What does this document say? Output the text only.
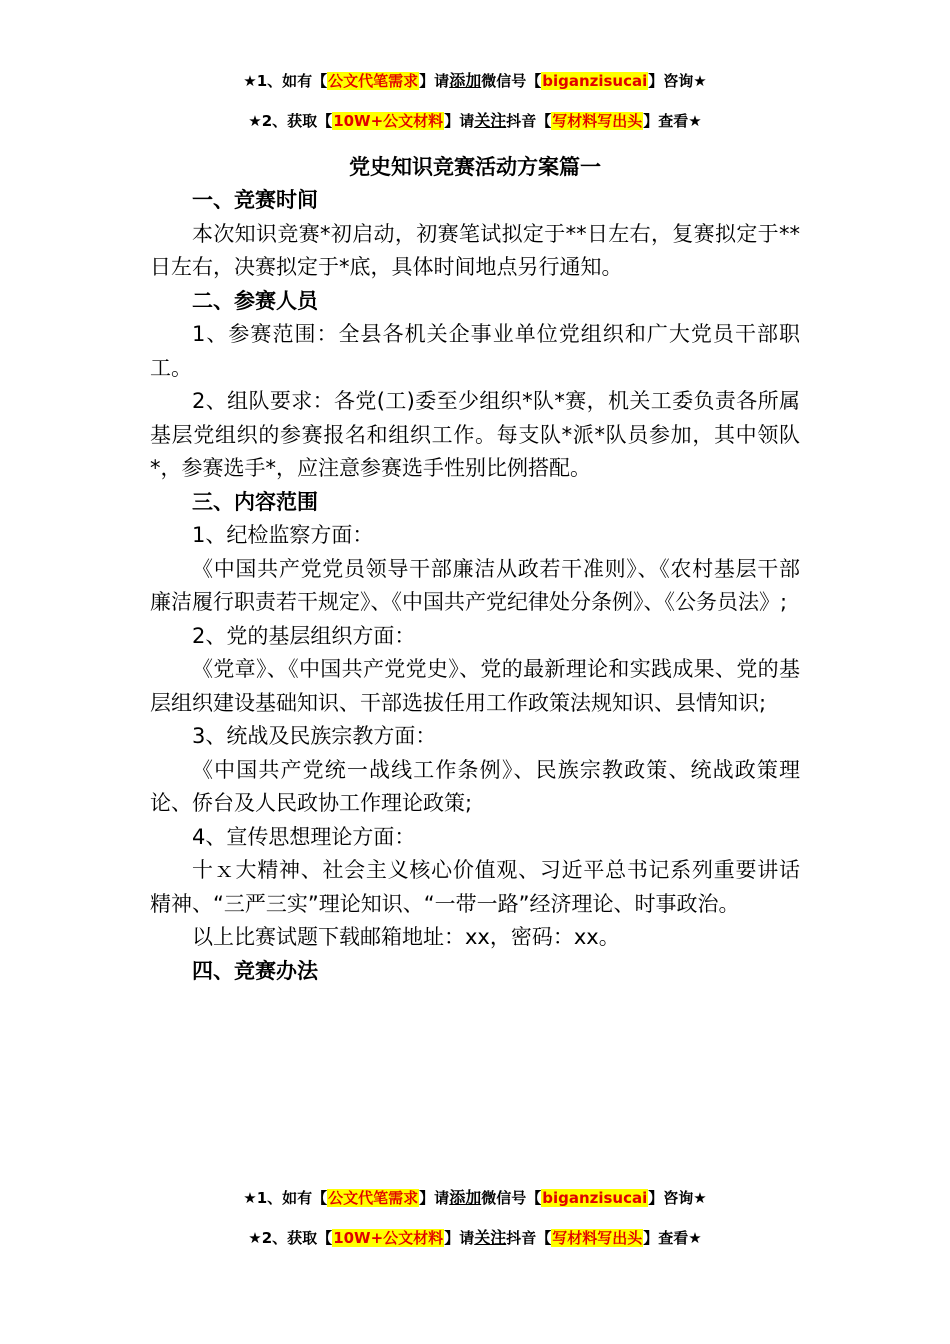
★1、如有【公文代笔需求】请添加微信号【biganzisucai】咨询★
★2、获取【10W+公文材料】请关注抖音【写材料写出头】查看★
党史知识竞赛活动方案篇一
一、竞赛时间
本次知识竞赛*初启动，初赛笔试拟定于**日左右，复赛拟定于**日左右，决赛拟定于*底，具体时间地点另行通知。
二、参赛人员
1、参赛范围：全县各机关企事业单位党组织和广大党员干部职工。
2、组队要求：各党(工)委至少组织*队*赛，机关工委负责各所属基层党组织的参赛报名和组织工作。每支队*派*队员参加，其中领队*，参赛选手*，应注意参赛选手性别比例搭配。
三、内容范围
1、纪检监察方面：
《中国共产党党员领导干部廉洁从政若干准则》、《农村基层干部廉洁履行职责若干规定》、《中国共产党纪律处分条例》、《公务员法》;
2、党的基层组织方面：
《党章》、《中国共产党党史》、党的最新理论和实践成果、党的基层组织建设基础知识、干部选拔任用工作政策法规知识、县情知识;
3、统战及民族宗教方面：
《中国共产党统一战线工作条例》、民族宗教政策、统战政策理论、侨台及人民政协工作理论政策;
4、宣传思想理论方面：
十ｘ大精神、社会主义核心价值观、习近平总书记系列重要讲话精神、“三严三实”理论知识、“一带一路”经济理论、时事政治。
以上比赛试题下载邮箱地址：xx，密码：xx。
四、竞赛办法
★1、如有【公文代笔需求】请添加微信号【biganzisucai】咨询★
★2、获取【10W+公文材料】请关注抖音【写材料写出头】查看★
